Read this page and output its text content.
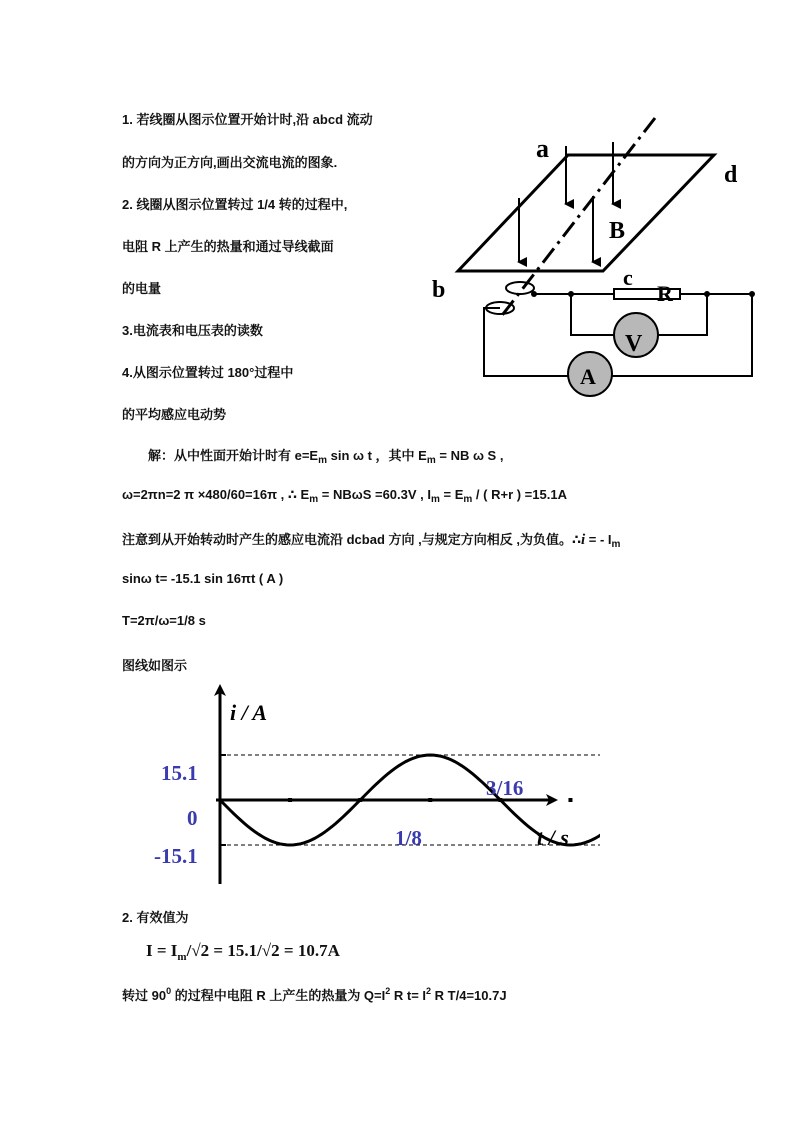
1. 若线圈从图示位置开始计时,沿 abcd 流动
的方向为正方向,画出交流电流的图象.
2. 线圈从图示位置转过 1/4 转的过程中,
电阻 R 上产生的热量和通过导线截面
的电量
3.电流表和电压表的读数
4.从图示位置转过 180°过程中
的平均感应电动势
a
d
B
b	c
R
V
A
解：从中性面开始计时有 $e=E_m$ sin ω t ，其中 $E_m$ = NB ω S ,
ω=2πn=2 π ×480/60=16π , ∴ $E_m = NB\omega S =60.3V$ , $I_m = E_m$ / ( R+r ) =15.1A
注意到从开始转动时产生的感应电流沿 dcbad 方向 ,与规定方向相反 ,为负值。∴i = - $I_m$
sinω t= -15.1 sin 16πt ( A )
T=2π/ω=1/8 s
图线如图示
i / A
t / s
15.1
0
-15.1
1/8
3/16
2. 有效值为
$I = I_m/√2 = 15.1/√2 = 10.7A$
转过 $90^0$ 的过程中电阻 R 上产生的热量为 $Q=I^2$ R $t= I^2$ R T/4=10.7J
